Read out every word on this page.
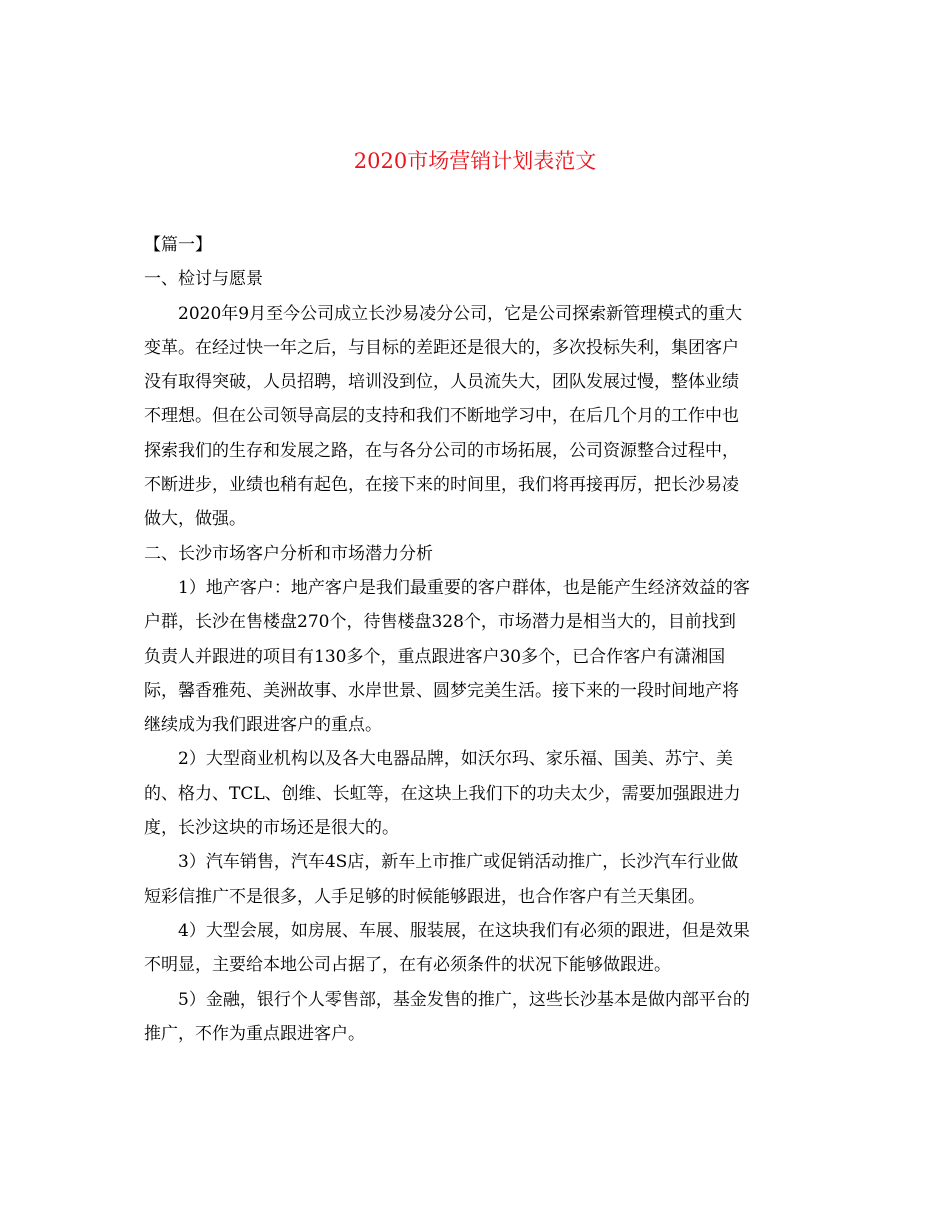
2020市场营销计划表范文

【篇一】

一、检讨与愿景

2020年9月至今公司成立长沙易凌分公司，它是公司探索新管理模式的重大
变革。在经过快一年之后，与目标的差距还是很大的，多次投标失利，集团客户
没有取得突破，人员招聘，培训没到位，人员流失大，团队发展过慢，整体业绩
不理想。但在公司领导高层的支持和我们不断地学习中，在后几个月的工作中也
探索我们的生存和发展之路，在与各分公司的市场拓展，公司资源整合过程中，
不断进步，业绩也稍有起色，在接下来的时间里，我们将再接再厉，把长沙易凌
做大，做强。

二、长沙市场客户分析和市场潜力分析

1）地产客户：地产客户是我们最重要的客户群体，也是能产生经济效益的客
户群，长沙在售楼盘270个，待售楼盘328个，市场潜力是相当大的，目前找到
负责人并跟进的项目有130多个，重点跟进客户30多个，已合作客户有潇湘国
际，馨香雅苑、美洲故事、水岸世景、圆梦完美生活。接下来的一段时间地产将
继续成为我们跟进客户的重点。

2）大型商业机构以及各大电器品牌，如沃尔玛、家乐福、国美、苏宁、美
的、格力、TCL、创维、长虹等，在这块上我们下的功夫太少，需要加强跟进力
度，长沙这块的市场还是很大的。

3）汽车销售，汽车4S店，新车上市推广或促销活动推广，长沙汽车行业做
短彩信推广不是很多，人手足够的时候能够跟进，也合作客户有兰天集团。

4）大型会展，如房展、车展、服装展，在这块我们有必须的跟进，但是效果
不明显，主要给本地公司占据了，在有必须条件的状况下能够做跟进。

5）金融，银行个人零售部，基金发售的推广，这些长沙基本是做内部平台的
推广，不作为重点跟进客户。
